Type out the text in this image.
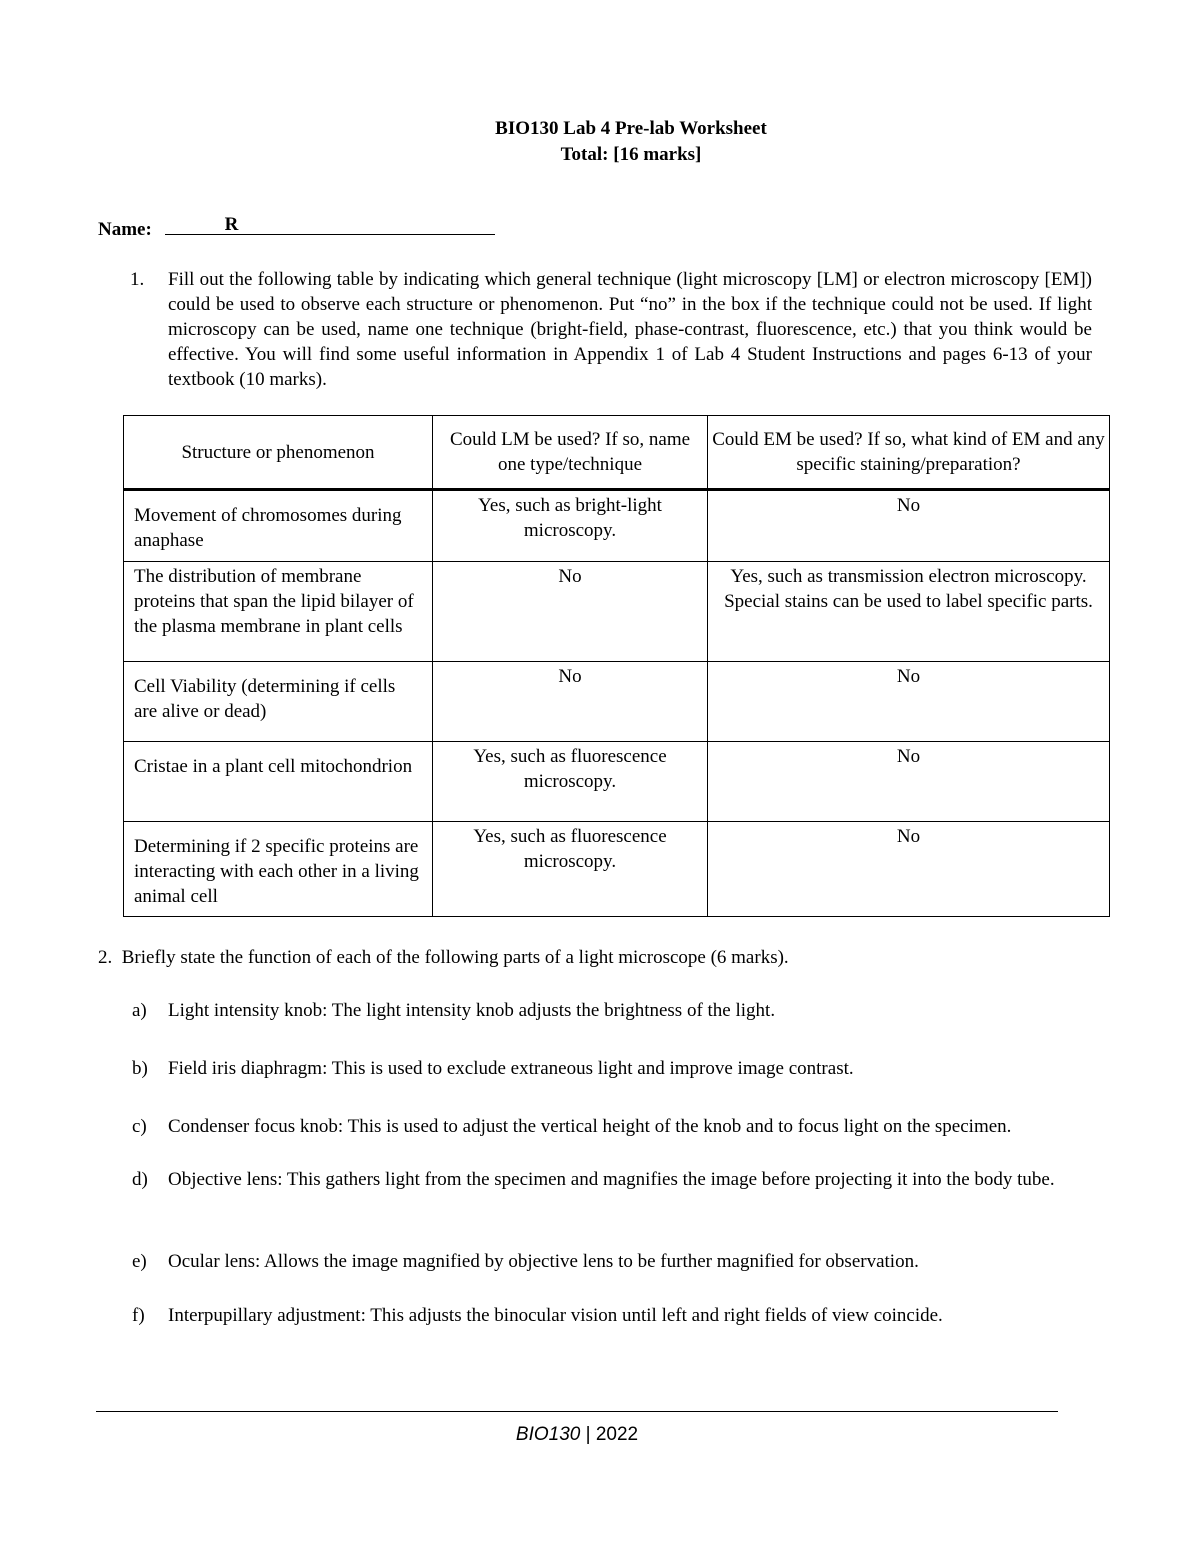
BIO130 Lab 4 Pre-lab Worksheet
Total: [16 marks]
Name:	R
1. Fill out the following table by indicating which general technique (light microscopy [LM] or electron microscopy [EM]) could be used to observe each structure or phenomenon. Put “no” in the box if the technique could not be used. If light microscopy can be used, name one technique (bright-field, phase-contrast, fluorescence, etc.) that you think would be effective. You will find some useful information in Appendix 1 of Lab 4 Student Instructions and pages 6-13 of your textbook (10 marks).
Structure or phenomenon	Could LM be used? If so, name one type/technique	Could EM be used? If so, what kind of EM and any specific staining/preparation?
Movement of chromosomes during anaphase	Yes, such as bright-light microscopy.	No
The distribution of membrane proteins that span the lipid bilayer of the plasma membrane in plant cells	No	Yes, such as transmission electron microscopy. Special stains can be used to label specific parts.
Cell Viability (determining if cells are alive or dead)	No	No
Cristae in a plant cell mitochondrion	Yes, such as fluorescence microscopy.	No
Determining if 2 specific proteins are interacting with each other in a living animal cell	Yes, such as fluorescence microscopy.	No
2. Briefly state the function of each of the following parts of a light microscope (6 marks).
a) Light intensity knob: The light intensity knob adjusts the brightness of the light.
b) Field iris diaphragm: This is used to exclude extraneous light and improve image contrast.
c) Condenser focus knob: This is used to adjust the vertical height of the knob and to focus light on the specimen.
d) Objective lens: This gathers light from the specimen and magnifies the image before projecting it into the body tube.
e) Ocular lens: Allows the image magnified by objective lens to be further magnified for observation.
f) Interpupillary adjustment: This adjusts the binocular vision until left and right fields of view coincide.
BIO130 | 2022
